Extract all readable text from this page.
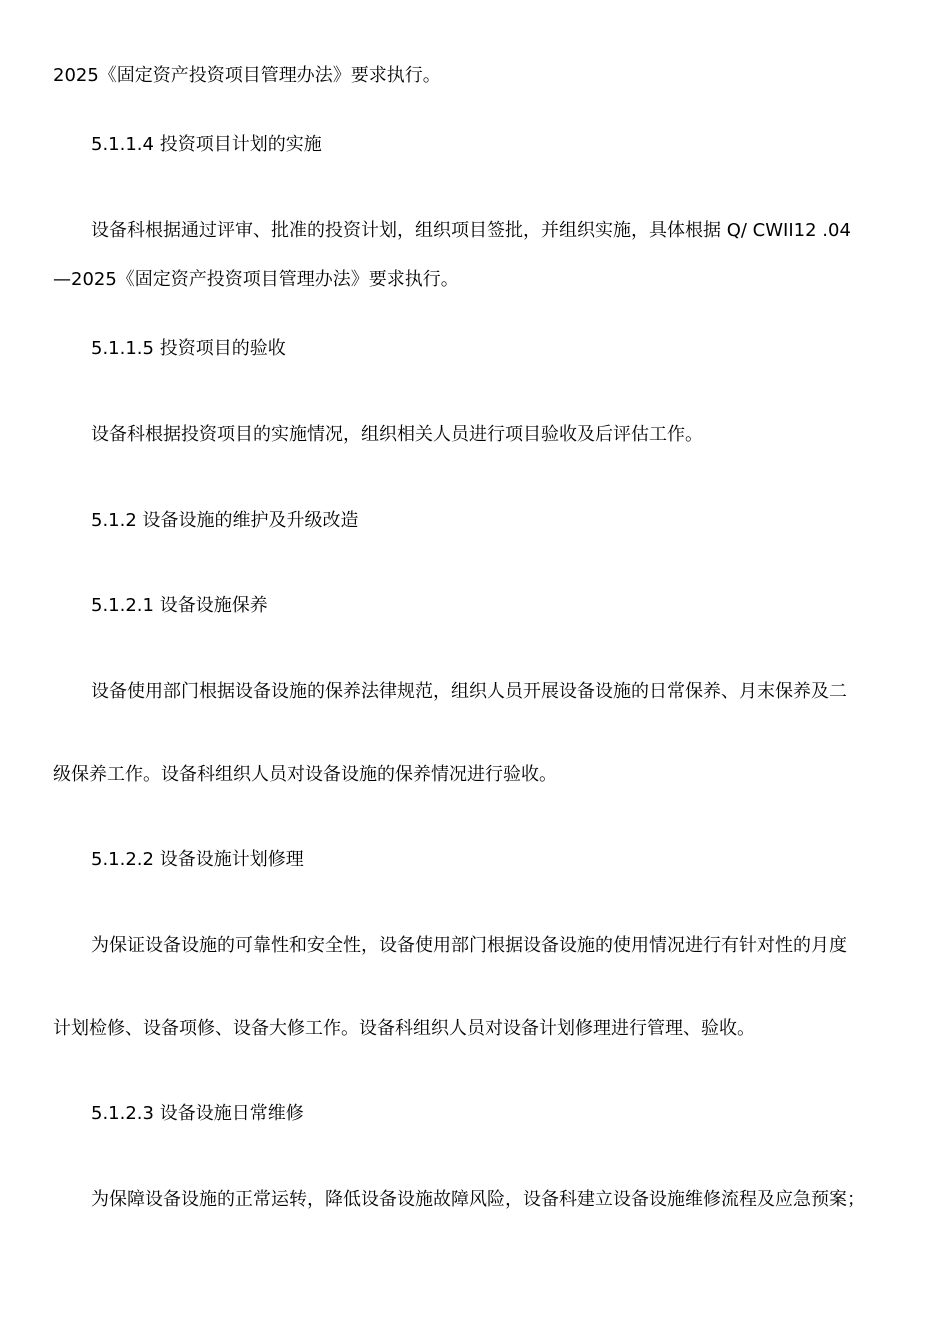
2025《固定资产投资项目管理办法》要求执行。
5.1.1.4 投资项目计划的实施
设备科根据通过评审、批准的投资计划，组织项目签批，并组织实施，具体根据 Q/ CWII12 .04
—2025《固定资产投资项目管理办法》要求执行。
5.1.1.5 投资项目的验收
设备科根据投资项目的实施情况，组织相关人员进行项目验收及后评估工作。
5.1.2 设备设施的维护及升级改造
5.1.2.1 设备设施保养
设备使用部门根据设备设施的保养法律规范，组织人员开展设备设施的日常保养、月末保养及二
级保养工作。设备科组织人员对设备设施的保养情况进行验收。
5.1.2.2 设备设施计划修理
为保证设备设施的可靠性和安全性，设备使用部门根据设备设施的使用情况进行有针对性的月度
计划检修、设备项修、设备大修工作。设备科组织人员对设备计划修理进行管理、验收。
5.1.2.3 设备设施日常维修
为保障设备设施的正常运转，降低设备设施故障风险，设备科建立设备设施维修流程及应急预案；
